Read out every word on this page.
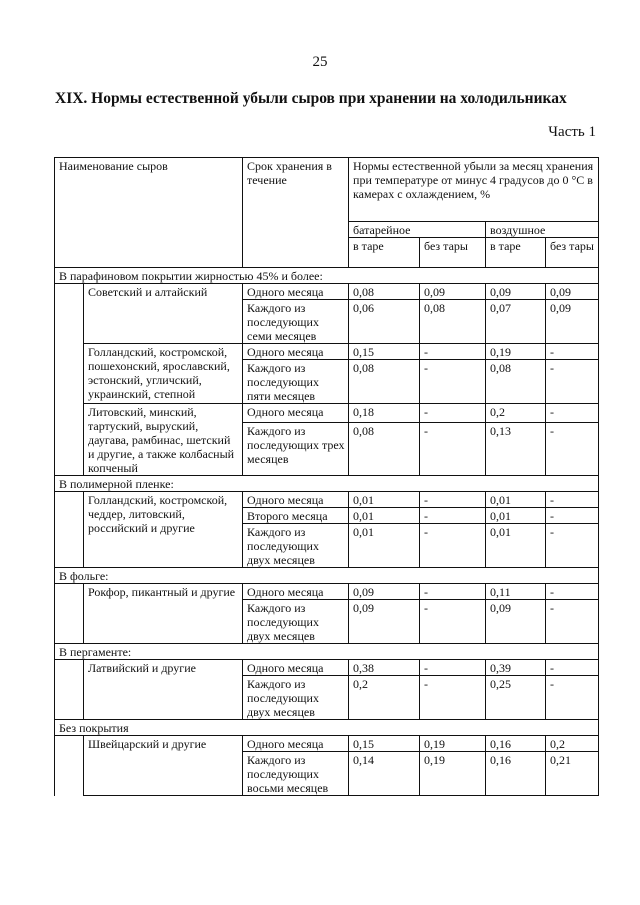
25
XIX. Нормы естественной убыли сыров при хранении на холодильниках
Часть 1
Наименование сыров		Срок хранения в течение	Нормы естественной убыли за месяц хранения при температуре от минус 4 градусов до 0 °С в камерах с охлаждением, %			
			батарейное		воздушное	
			в таре	без тары	в таре	без тары
В парафиновом покрытии жирностью 45% и более:						
	Советский и алтайский	Одного месяца	0,08	0,09	0,09	0,09
		Каждого из последующих семи месяцев	0,06	0,08	0,07	0,09
	Голландский, костромской, пошехонский, ярославский, эстонский, угличский, украинский, степной	Одного месяца	0,15	-	0,19	-
		Каждого из последующих пяти месяцев	0,08	-	0,08	-
	Литовский, минский, тартуский, выруский, даугава, рамбинас, шетский и другие, а также колбасный копченый	Одного месяца	0,18	-	0,2	-
		Каждого из последующих трех месяцев	0,08	-	0,13	-
В полимерной пленке:						
	Голландский, костромской, чеддер, литовский, российский и другие	Одного месяца	0,01	-	0,01	-
		Второго месяца	0,01	-	0,01	-
		Каждого из последующих двух месяцев	0,01	-	0,01	-
В фольге:						
	Рокфор, пикантный и другие	Одного месяца	0,09	-	0,11	-
		Каждого из последующих двух месяцев	0,09	-	0,09	-
В пергаменте:						
	Латвийский и другие	Одного месяца	0,38	-	0,39	-
		Каждого из последующих двух месяцев	0,2	-	0,25	-
Без покрытия						
	Швейцарский и другие	Одного месяца	0,15	0,19	0,16	0,2
		Каждого из последующих восьми месяцев	0,14	0,19	0,16	0,21
